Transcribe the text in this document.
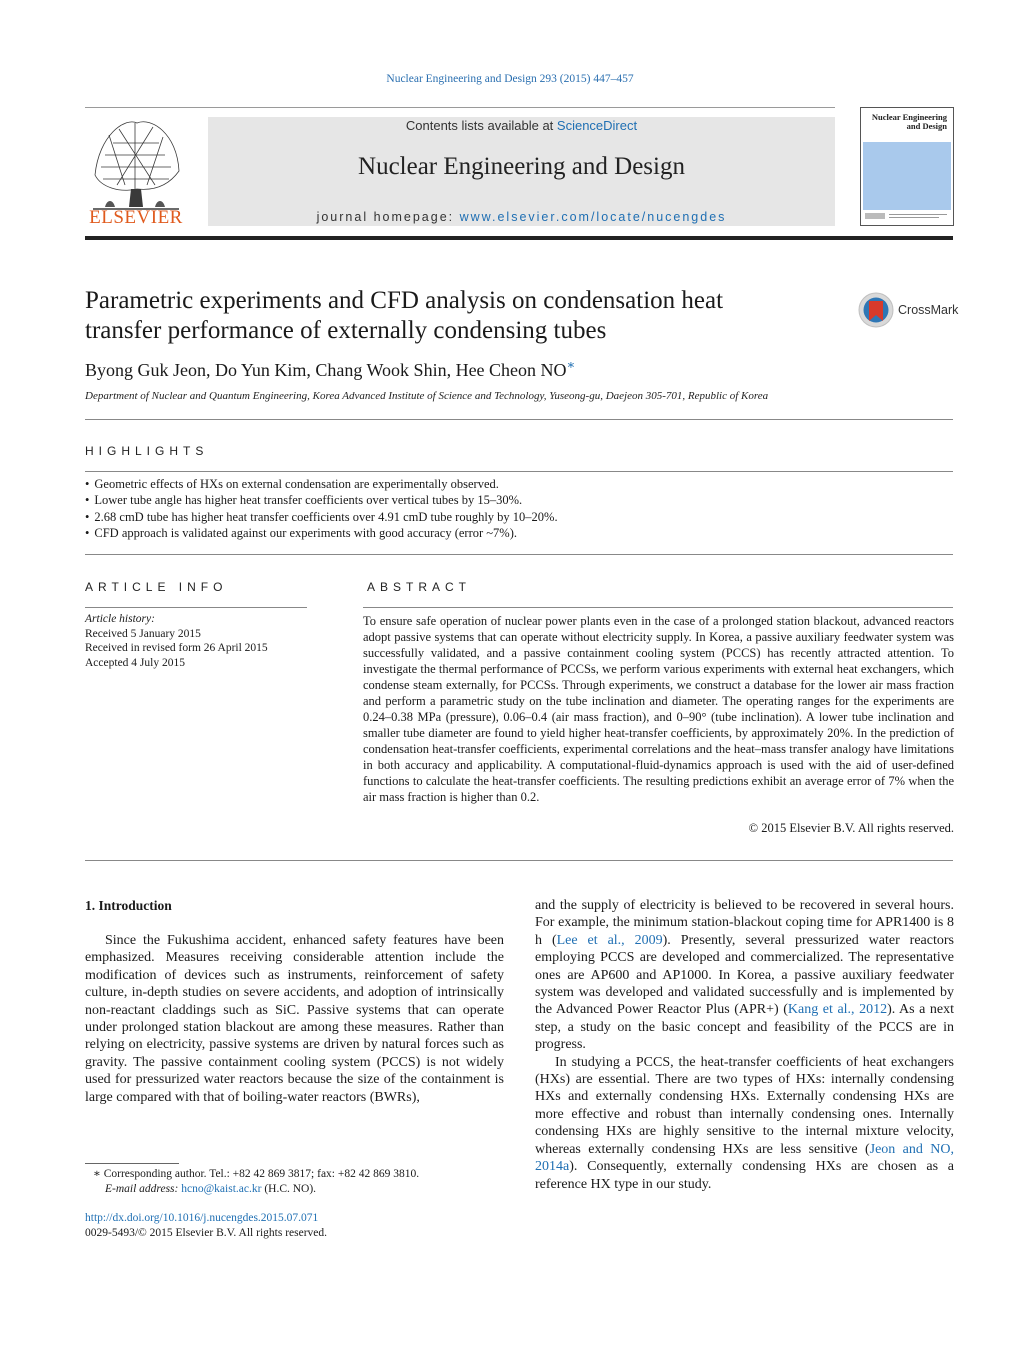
Nuclear Engineering and Design 293 (2015) 447–457
ELSEVIER
Contents lists available at ScienceDirect
Nuclear Engineering and Design
journal homepage: www.elsevier.com/locate/nucengdes
Nuclear Engineering
and Design
Parametric experiments and CFD analysis on condensation heat
transfer performance of externally condensing tubes
CrossMark
Byong Guk Jeon, Do Yun Kim, Chang Wook Shin, Hee Cheon NO∗
Department of Nuclear and Quantum Engineering, Korea Advanced Institute of Science and Technology, Yuseong-gu, Daejeon 305-701, Republic of Korea
HIGHLIGHTS
• Geometric effects of HXs on external condensation are experimentally observed.
• Lower tube angle has higher heat transfer coefficients over vertical tubes by 15–30%.
• 2.68 cmD tube has higher heat transfer coefficients over 4.91 cmD tube roughly by 10–20%.
• CFD approach is validated against our experiments with good accuracy (error ~7%).
ARTICLE INFO
Article history:
Received 5 January 2015
Received in revised form 26 April 2015
Accepted 4 July 2015
ABSTRACT
To ensure safe operation of nuclear power plants even in the case of a prolonged station blackout, advanced reactors adopt passive systems that can operate without electricity supply. In Korea, a passive auxiliary feedwater system was successfully validated, and a passive containment cooling system (PCCS) has recently attracted attention. To investigate the thermal performance of PCCSs, we perform various experiments with external heat exchangers, which condense steam externally, for PCCSs. Through experiments, we construct a database for the lower air mass fraction and perform a parametric study on the tube inclination and diameter. The operating ranges for the experiments are 0.24–0.38 MPa (pressure), 0.06–0.4 (air mass fraction), and 0–90° (tube inclination). A lower tube inclination and smaller tube diameter are found to yield higher heat-transfer coefficients, by approximately 20%. In the prediction of condensation heat-transfer coefficients, experimental correlations and the heat–mass transfer analogy have limitations in both accuracy and applicability. A computational-fluid-dynamics approach is used with the aid of user-defined functions to calculate the heat-transfer coefficients. The resulting predictions exhibit an average error of 7% when the air mass fraction is higher than 0.2.
© 2015 Elsevier B.V. All rights reserved.
1. Introduction

Since the Fukushima accident, enhanced safety features have been emphasized. Measures receiving considerable attention include the modification of devices such as instruments, reinforcement of safety culture, in-depth studies on severe accidents, and adoption of intrinsically non-reactant claddings such as SiC. Passive systems that can operate under prolonged station blackout are among these measures. Rather than relying on electricity, passive systems are driven by natural forces such as gravity. The passive containment cooling system (PCCS) is not widely used for pressurized water reactors because the size of the containment is large compared with that of boiling-water reactors (BWRs),

and the supply of electricity is believed to be recovered in several hours. For example, the minimum station-blackout coping time for APR1400 is 8 h (Lee et al., 2009). Presently, several pressurized water reactors employing PCCS are developed and commercialized. The representative ones are AP600 and AP1000. In Korea, a passive auxiliary feedwater system was developed and validated successfully and is implemented by the Advanced Power Reactor Plus (APR+) (Kang et al., 2012). As a next step, a study on the basic concept and feasibility of the PCCS are in progress.

In studying a PCCS, the heat-transfer coefficients of heat exchangers (HXs) are essential. There are two types of HXs: internally condensing HXs and externally condensing HXs. Externally condensing HXs are more effective and robust than internally condensing ones. Internally condensing HXs are highly sensitive to the internal mixture velocity, whereas externally condensing HXs are less sensitive (Jeon and NO, 2014a). Consequently, externally condensing HXs are chosen as a reference HX type in our study.

∗ Corresponding author. Tel.: +82 42 869 3817; fax: +82 42 869 3810.
E-mail address: hcno@kaist.ac.kr (H.C. NO).
http://dx.doi.org/10.1016/j.nucengdes.2015.07.071
0029-5493/© 2015 Elsevier B.V. All rights reserved.
